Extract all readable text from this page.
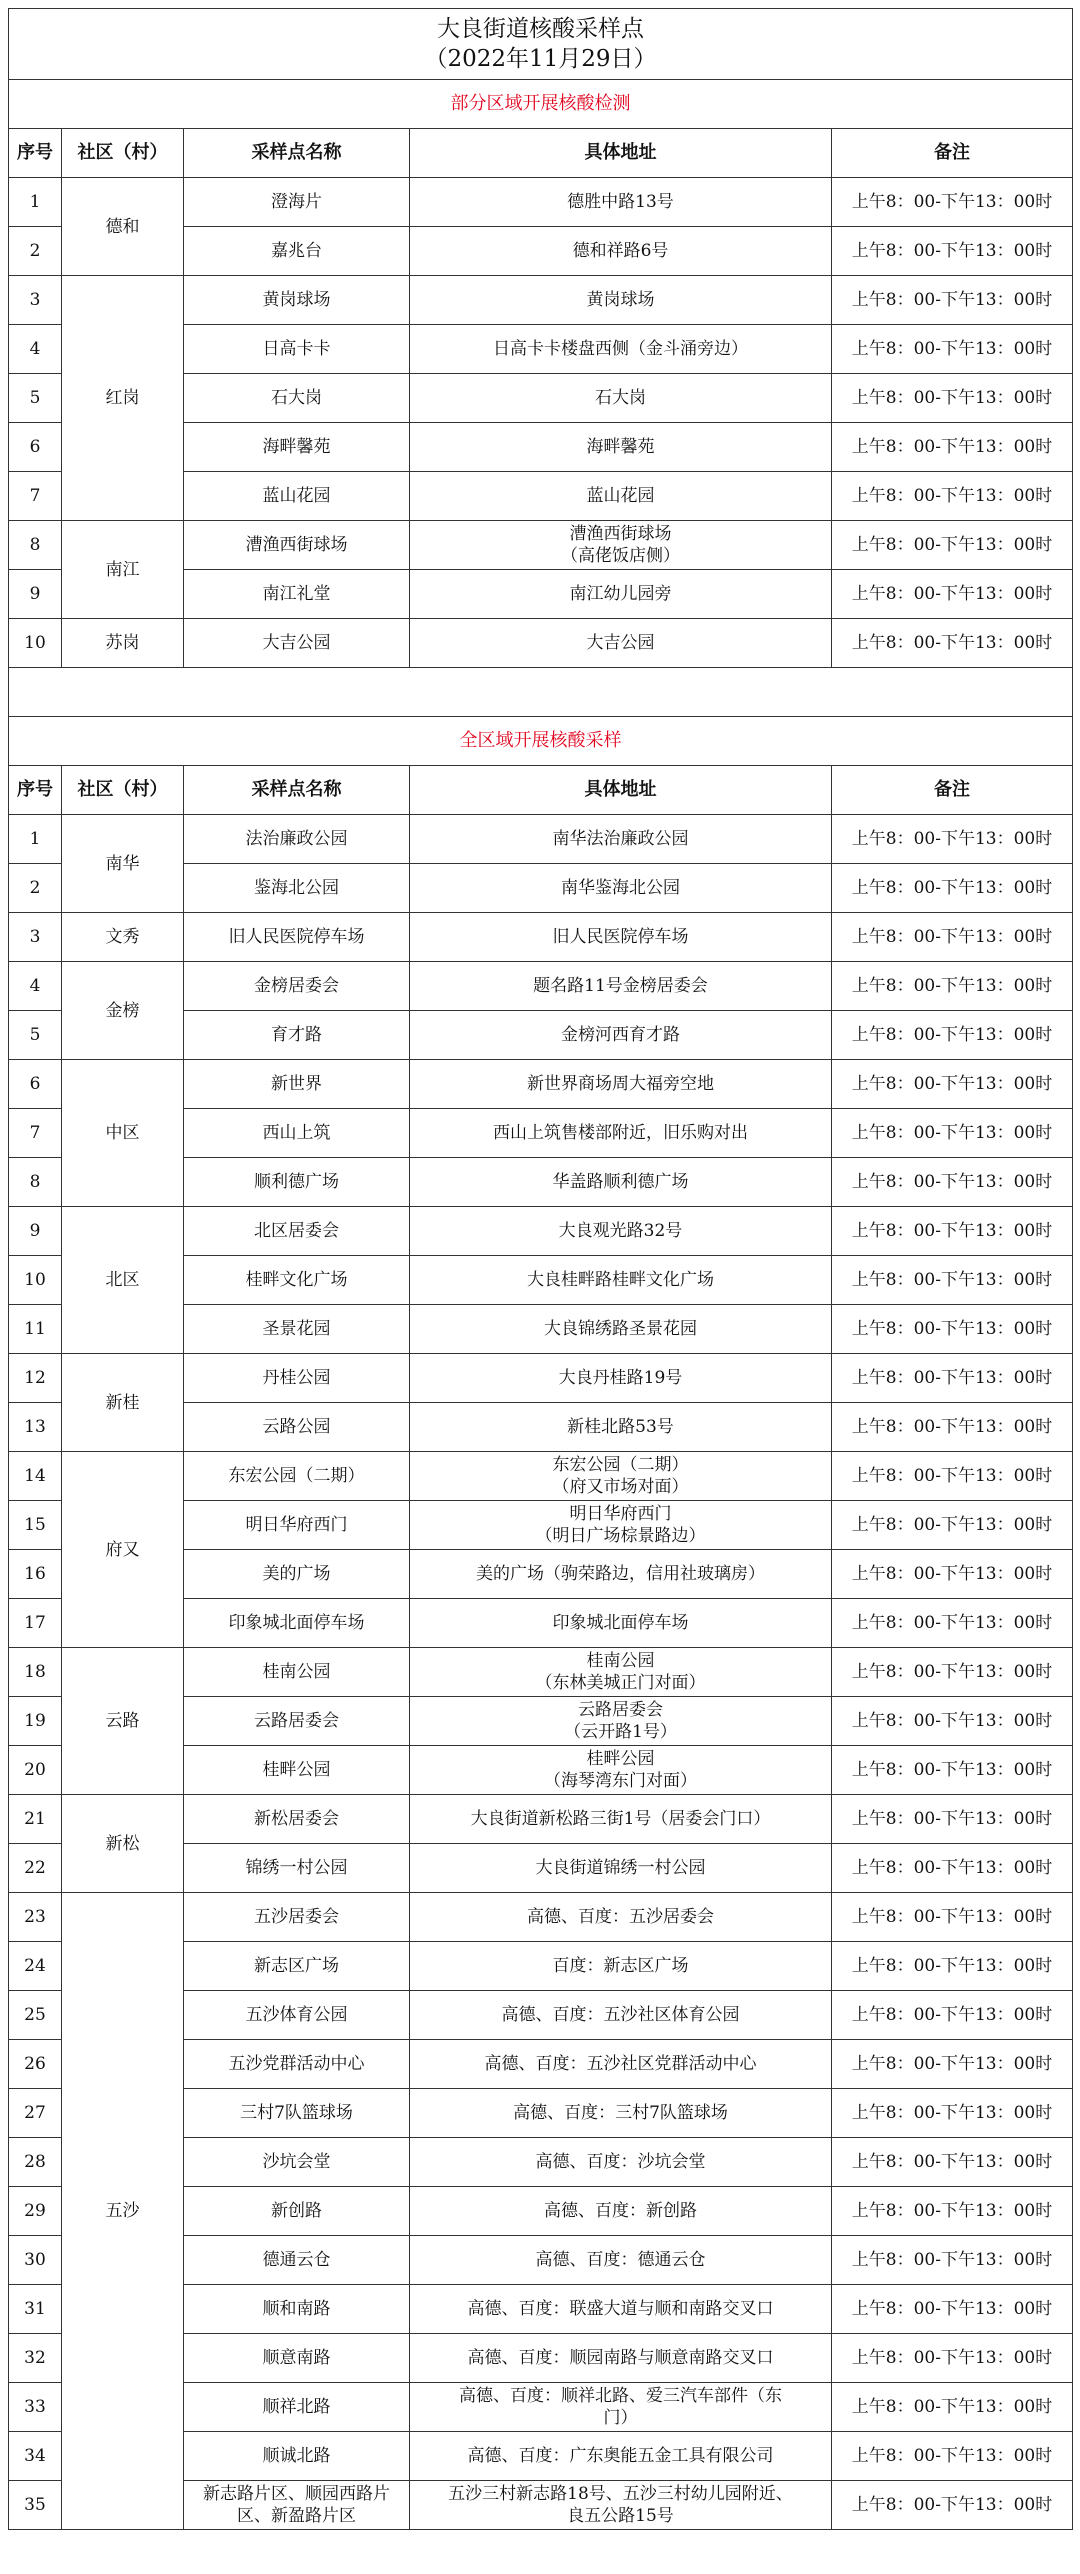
大良街道核酸采样点
（2022年11月29日）				

部分区域开展核酸检测				
序号	社区（村）	采样点名称	具体地址	备注
1	德和	澄海片	德胜中路13号	上午8：00-下午13：00时
2		嘉兆台	德和祥路6号	上午8：00-下午13：00时
3	红岗	黄岗球场	黄岗球场	上午8：00-下午13：00时
4		日高卡卡	日高卡卡楼盘西侧（金斗涌旁边）	上午8：00-下午13：00时
5		石大岗	石大岗	上午8：00-下午13：00时
6		海畔馨苑	海畔馨苑	上午8：00-下午13：00时
7		蓝山花园	蓝山花园	上午8：00-下午13：00时
8	南江	漕渔西街球场	漕渔西街球场
（高佬饭店侧）	上午8：00-下午13：00时
9		南江礼堂	南江幼儿园旁	上午8：00-下午13：00时
10	苏岗	大吉公园	大吉公园	上午8：00-下午13：00时

全区域开展核酸采样				
序号	社区（村）	采样点名称	具体地址	备注
1	南华	法治廉政公园	南华法治廉政公园	上午8：00-下午13：00时
2		鉴海北公园	南华鉴海北公园	上午8：00-下午13：00时
3	文秀	旧人民医院停车场	旧人民医院停车场	上午8：00-下午13：00时
4	金榜	金榜居委会	题名路11号金榜居委会	上午8：00-下午13：00时
5		育才路	金榜河西育才路	上午8：00-下午13：00时
6	中区	新世界	新世界商场周大福旁空地	上午8：00-下午13：00时
7		西山上筑	西山上筑售楼部附近，旧乐购对出	上午8：00-下午13：00时
8		顺利德广场	华盖路顺利德广场	上午8：00-下午13：00时
9	北区	北区居委会	大良观光路32号	上午8：00-下午13：00时
10		桂畔文化广场	大良桂畔路桂畔文化广场	上午8：00-下午13：00时
11		圣景花园	大良锦绣路圣景花园	上午8：00-下午13：00时
12	新桂	丹桂公园	大良丹桂路19号	上午8：00-下午13：00时
13		云路公园	新桂北路53号	上午8：00-下午13：00时
14	府又	东宏公园（二期）	东宏公园（二期）
（府又市场对面）	上午8：00-下午13：00时
15		明日华府西门	明日华府西门
（明日广场棕景路边）	上午8：00-下午13：00时
16		美的广场	美的广场（驹荣路边，信用社玻璃房）	上午8：00-下午13：00时
17		印象城北面停车场	印象城北面停车场	上午8：00-下午13：00时
18	云路	桂南公园	桂南公园
（东林美城正门对面）	上午8：00-下午13：00时
19		云路居委会	云路居委会
（云开路1号）	上午8：00-下午13：00时
20		桂畔公园	桂畔公园
（海琴湾东门对面）	上午8：00-下午13：00时
21	新松	新松居委会	大良街道新松路三街1号（居委会门口）	上午8：00-下午13：00时
22		锦绣一村公园	大良街道锦绣一村公园	上午8：00-下午13：00时
23	五沙	五沙居委会	高德、百度：五沙居委会	上午8：00-下午13：00时
24		新志区广场	百度：新志区广场	上午8：00-下午13：00时
25		五沙体育公园	高德、百度：五沙社区体育公园	上午8：00-下午13：00时
26		五沙党群活动中心	高德、百度：五沙社区党群活动中心	上午8：00-下午13：00时
27		三村7队篮球场	高德、百度：三村7队篮球场	上午8：00-下午13：00时
28		沙坑会堂	高德、百度：沙坑会堂	上午8：00-下午13：00时
29		新创路	高德、百度：新创路	上午8：00-下午13：00时
30		德通云仓	高德、百度：德通云仓	上午8：00-下午13：00时
31		顺和南路	高德、百度：联盛大道与顺和南路交叉口	上午8：00-下午13：00时
32		顺意南路	高德、百度：顺园南路与顺意南路交叉口	上午8：00-下午13：00时
33		顺祥北路	高德、百度：顺祥北路、爱三汽车部件（东
门）	上午8：00-下午13：00时
34		顺诚北路	高德、百度：广东奥能五金工具有限公司	上午8：00-下午13：00时
35		新志路片区、顺园西路片
区、新盈路片区	五沙三村新志路18号、五沙三村幼儿园附近、
良五公路15号	上午8：00-下午13：00时
